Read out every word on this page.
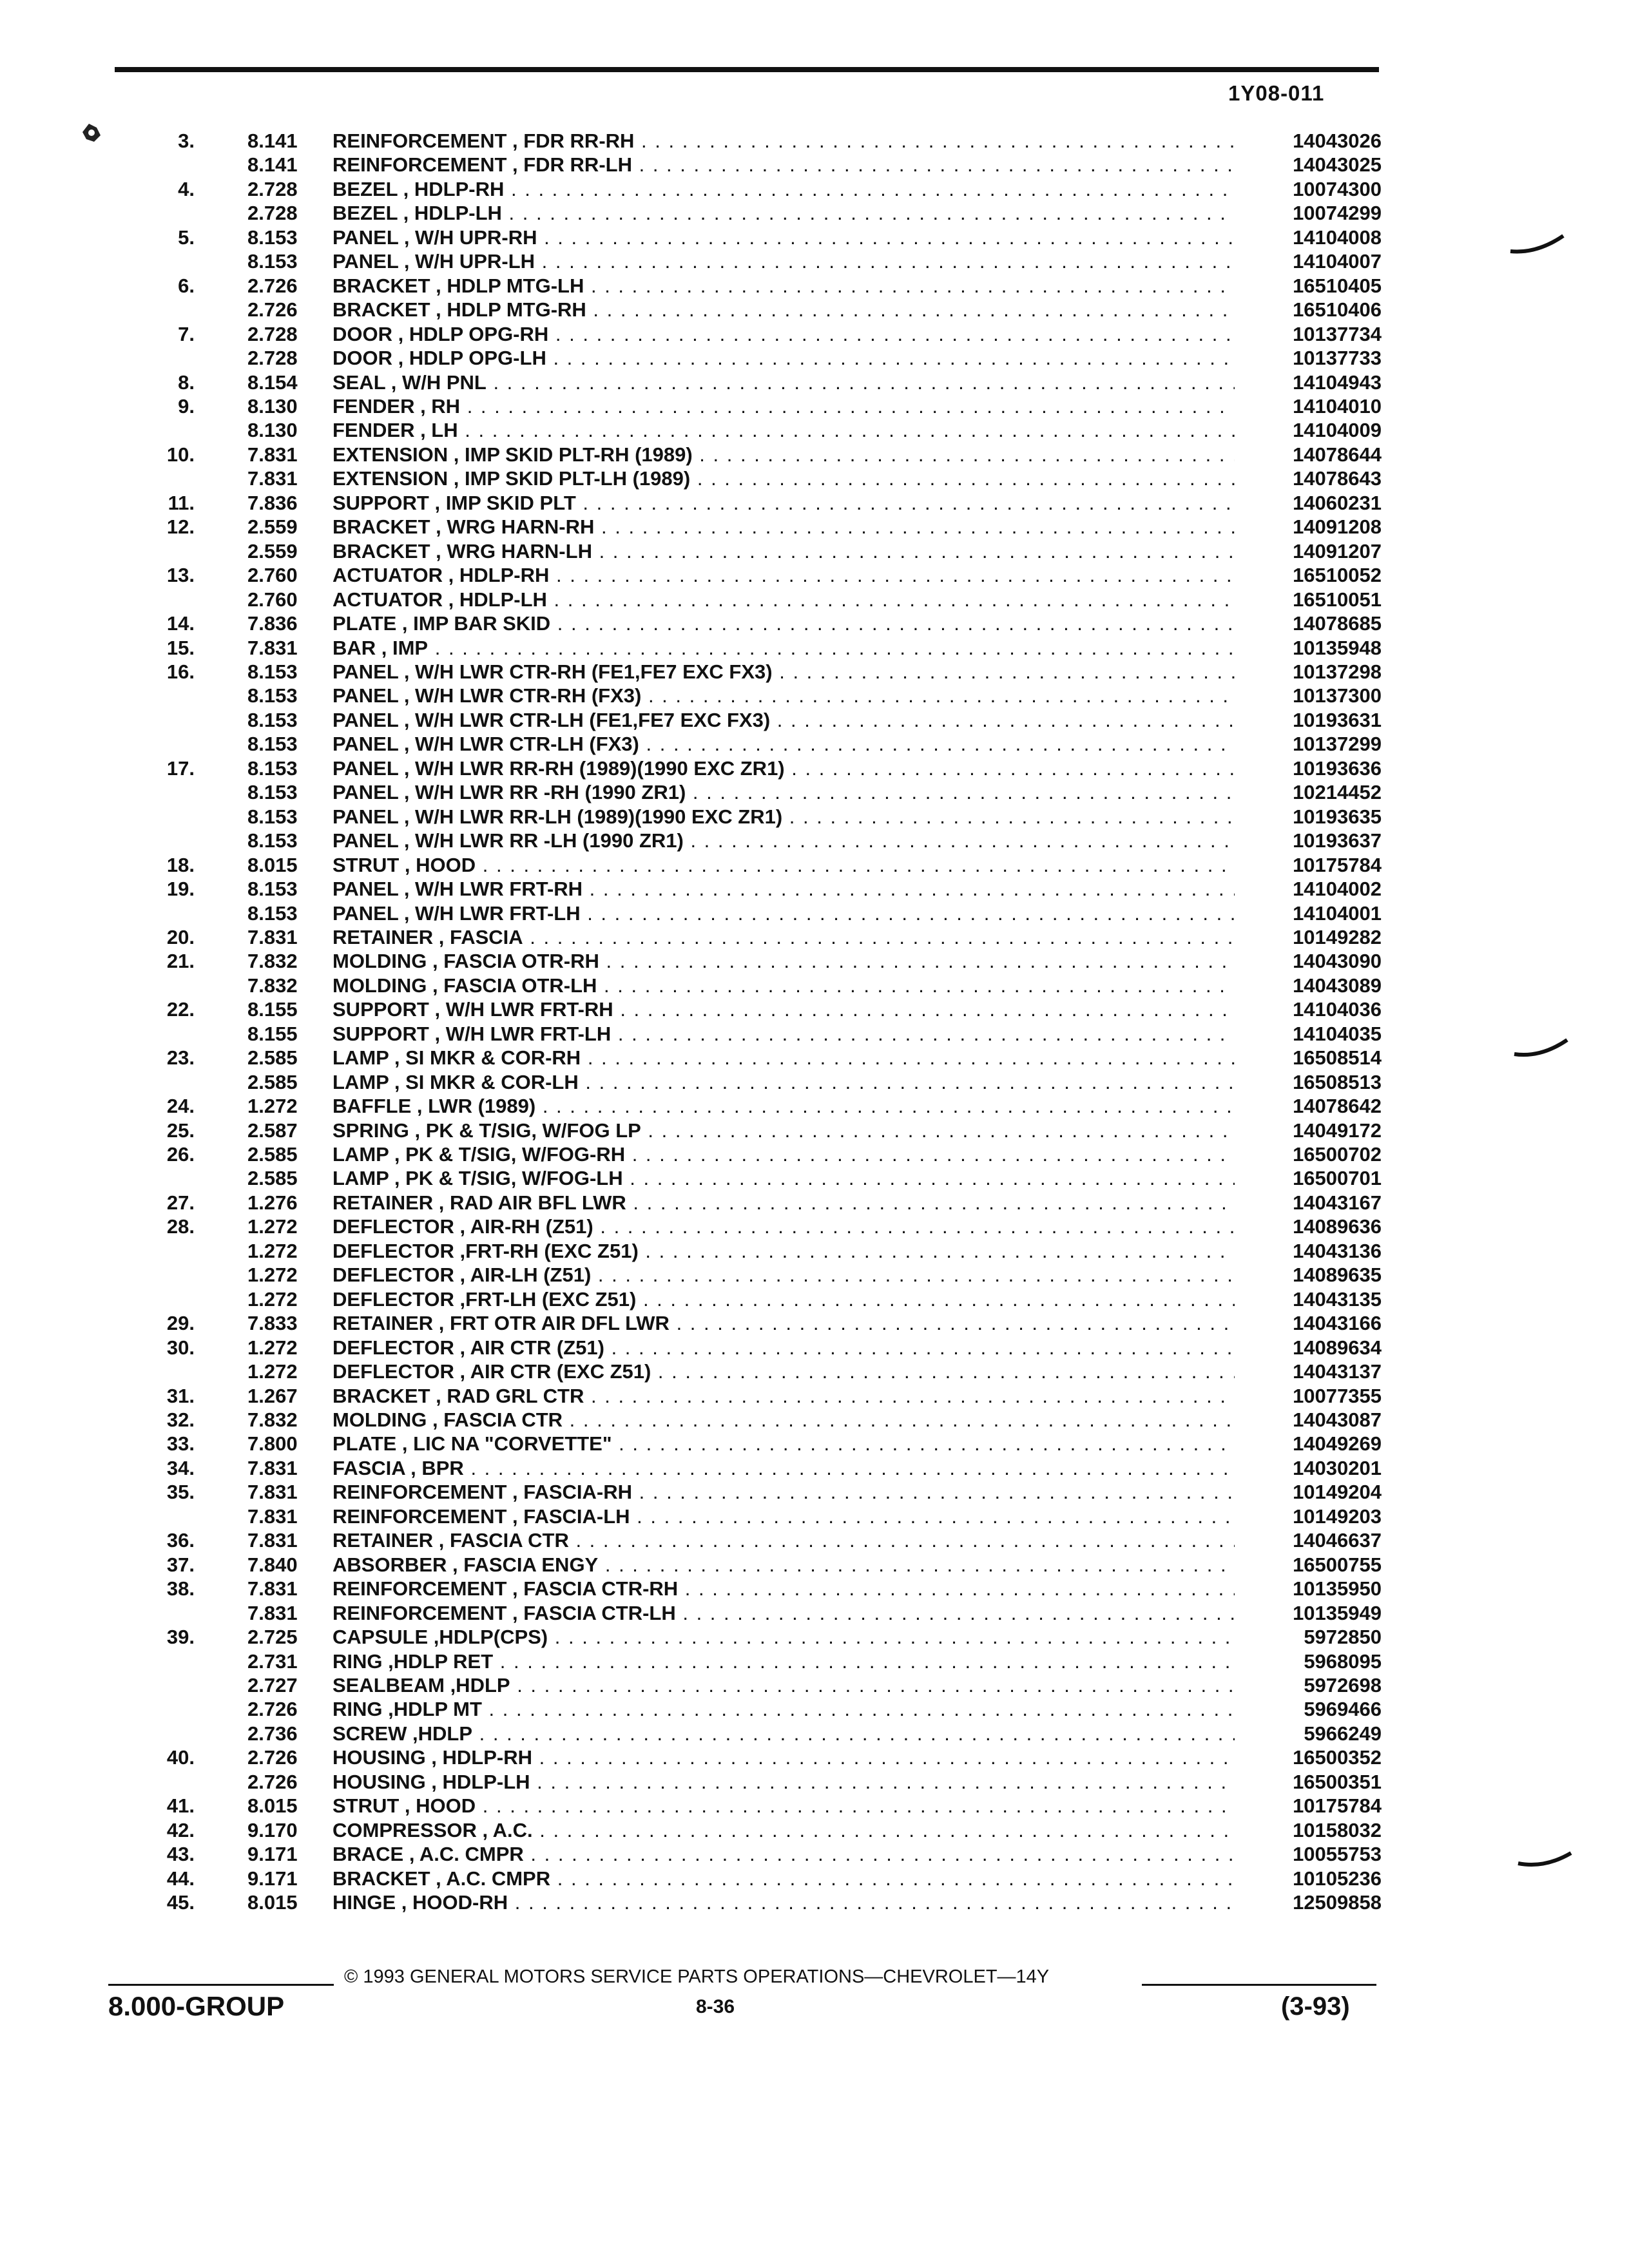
1Y08-011
3.	8.141 REINFORCEMENT , FDR RR-RH . . .	14043026
8.141 REINFORCEMENT , FDR RR-LH . . .	14043025
4.	2.728 BEZEL , HDLP-RH . . .	10074300
2.728 BEZEL , HDLP-LH . . .	10074299
5.	8.153 PANEL , W/H UPR-RH . . .	14104008
8.153 PANEL , W/H UPR-LH . . .	14104007
6.	2.726 BRACKET , HDLP MTG-LH . . .	16510405
2.726 BRACKET , HDLP MTG-RH . . .	16510406
7.	2.728 DOOR , HDLP OPG-RH . . .	10137734
2.728 DOOR , HDLP OPG-LH . . .	10137733
8.	8.154 SEAL , W/H PNL . . .	14104943
9.	8.130 FENDER , RH . . .	14104010
8.130 FENDER , LH . . .	14104009
10.	7.831 EXTENSION , IMP SKID PLT-RH (1989) . . .	14078644
7.831 EXTENSION , IMP SKID PLT-LH (1989) . . .	14078643
11.	7.836 SUPPORT , IMP SKID PLT . . .	14060231
12.	2.559 BRACKET , WRG HARN-RH . . .	14091208
2.559 BRACKET , WRG HARN-LH . . .	14091207
13.	2.760 ACTUATOR , HDLP-RH . . .	16510052
2.760 ACTUATOR , HDLP-LH . . .	16510051
14.	7.836 PLATE , IMP BAR SKID . . .	14078685
15.	7.831 BAR , IMP . . .	10135948
16.	8.153 PANEL , W/H LWR CTR-RH (FE1,FE7 EXC FX3) . . .	10137298
8.153 PANEL , W/H LWR CTR-RH (FX3) . . .	10137300
8.153 PANEL , W/H LWR CTR-LH (FE1,FE7 EXC FX3) . . .	10193631
8.153 PANEL , W/H LWR CTR-LH (FX3) . . .	10137299
17.	8.153 PANEL , W/H LWR RR-RH (1989)(1990 EXC ZR1) . . .	10193636
8.153 PANEL , W/H LWR RR -RH (1990 ZR1) . . .	10214452
8.153 PANEL , W/H LWR RR-LH (1989)(1990 EXC ZR1) . . .	10193635
8.153 PANEL , W/H LWR RR -LH (1990 ZR1) . . .	10193637
18.	8.015 STRUT , HOOD . . .	10175784
19.	8.153 PANEL , W/H LWR FRT-RH . . .	14104002
8.153 PANEL , W/H LWR FRT-LH . . .	14104001
20.	7.831 RETAINER , FASCIA . . .	10149282
21.	7.832 MOLDING , FASCIA OTR-RH . . .	14043090
7.832 MOLDING , FASCIA OTR-LH . . .	14043089
22.	8.155 SUPPORT , W/H LWR FRT-RH . . .	14104036
8.155 SUPPORT , W/H LWR FRT-LH . . .	14104035
23.	2.585 LAMP , SI MKR & COR-RH . . .	16508514
2.585 LAMP , SI MKR & COR-LH . . .	16508513
24.	1.272 BAFFLE , LWR (1989) . . .	14078642
25.	2.587 SPRING , PK & T/SIG, W/FOG LP . . .	14049172
26.	2.585 LAMP , PK & T/SIG, W/FOG-RH . . .	16500702
2.585 LAMP , PK & T/SIG, W/FOG-LH . . .	16500701
27.	1.276 RETAINER , RAD AIR BFL LWR . . .	14043167
28.	1.272 DEFLECTOR , AIR-RH (Z51) . . .	14089636
1.272 DEFLECTOR ,FRT-RH (EXC Z51) . . .	14043136
1.272 DEFLECTOR , AIR-LH (Z51) . . .	14089635
1.272 DEFLECTOR ,FRT-LH (EXC Z51) . . .	14043135
29.	7.833 RETAINER , FRT OTR AIR DFL LWR . . .	14043166
30.	1.272 DEFLECTOR , AIR CTR (Z51) . . .	14089634
1.272 DEFLECTOR , AIR CTR (EXC Z51) . . .	14043137
31.	1.267 BRACKET , RAD GRL CTR . . .	10077355
32.	7.832 MOLDING , FASCIA CTR . . .	14043087
33.	7.800 PLATE , LIC NA "CORVETTE" . . .	14049269
34.	7.831 FASCIA , BPR . . .	14030201
35.	7.831 REINFORCEMENT , FASCIA-RH . . .	10149204
7.831 REINFORCEMENT , FASCIA-LH . . .	10149203
36.	7.831 RETAINER , FASCIA CTR . . .	14046637
37.	7.840 ABSORBER , FASCIA ENGY . . .	16500755
38.	7.831 REINFORCEMENT , FASCIA CTR-RH . . .	10135950
7.831 REINFORCEMENT , FASCIA CTR-LH . . .	10135949
39.	2.725 CAPSULE ,HDLP(CPS) . . .	5972850
2.731 RING ,HDLP RET . . .	5968095
2.727 SEALBEAM ,HDLP . . .	5972698
2.726 RING ,HDLP MT . . .	5969466
2.736 SCREW ,HDLP . . .	5966249
40.	2.726 HOUSING , HDLP-RH . . .	16500352
2.726 HOUSING , HDLP-LH . . .	16500351
41.	8.015 STRUT , HOOD . . .	10175784
42.	9.170 COMPRESSOR , A.C. . . .	10158032
43.	9.171 BRACE , A.C. CMPR . . .	10055753
44.	9.171 BRACKET , A.C. CMPR . . .	10105236
45.	8.015 HINGE , HOOD-RH . . .	12509858
© 1993 GENERAL MOTORS SERVICE PARTS OPERATIONS—CHEVROLET—14Y
8.000-GROUP	8-36	(3-93)
